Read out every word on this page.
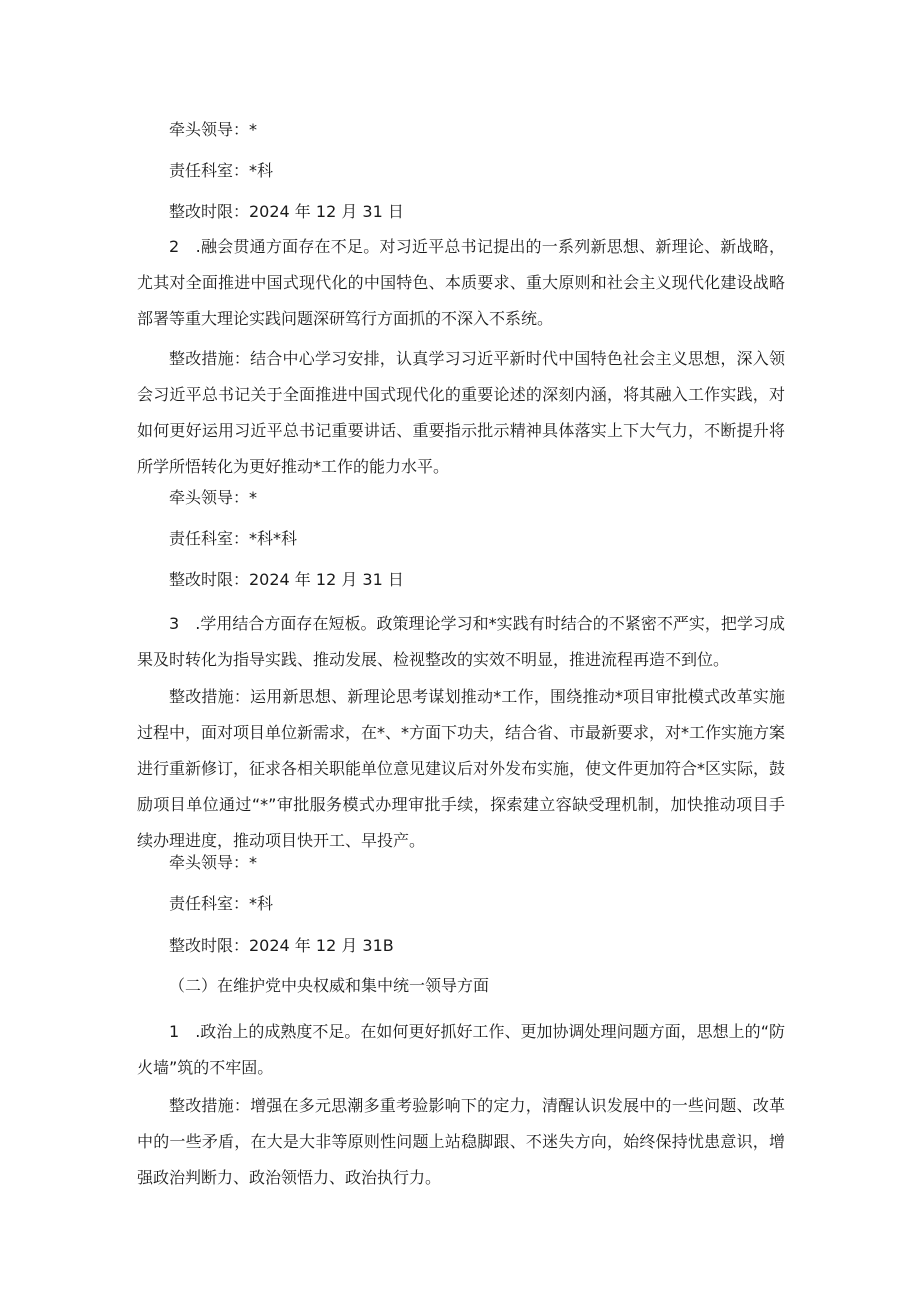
牵头领导：*

责任科室：*科

整改时限：2024 年 12 月 31 日

2　.融会贯通方面存在不足。对习近平总书记提出的一系列新思想、新理论、新战略，尤其对全面推进中国式现代化的中国特色、本质要求、重大原则和社会主义现代化建设战略部署等重大理论实践问题深研笃行方面抓的不深入不系统。

整改措施：结合中心学习安排，认真学习习近平新时代中国特色社会主义思想，深入领会习近平总书记关于全面推进中国式现代化的重要论述的深刻内涵，将其融入工作实践，对如何更好运用习近平总书记重要讲话、重要指示批示精神具体落实上下大气力，不断提升将所学所悟转化为更好推动*工作的能力水平。

牵头领导：*

责任科室：*科*科

整改时限：2024 年 12 月 31 日

3　.学用结合方面存在短板。政策理论学习和*实践有时结合的不紧密不严实，把学习成果及时转化为指导实践、推动发展、检视整改的实效不明显，推进流程再造不到位。

整改措施：运用新思想、新理论思考谋划推动*工作，围绕推动*项目审批模式改革实施过程中，面对项目单位新需求，在*、*方面下功夫，结合省、市最新要求，对*工作实施方案进行重新修订，征求各相关职能单位意见建议后对外发布实施，使文件更加符合*区实际，鼓励项目单位通过“*”审批服务模式办理审批手续，探索建立容缺受理机制，加快推动项目手续办理进度，推动项目快开工、早投产。

牵头领导：*

责任科室：*科

整改时限：2024 年 12 月 31B

（二）在维护党中央权威和集中统一领导方面

1　.政治上的成熟度不足。在如何更好抓好工作、更加协调处理问题方面，思想上的“防火墙”筑的不牢固。

整改措施：增强在多元思潮多重考验影响下的定力，清醒认识发展中的一些问题、改革中的一些矛盾，在大是大非等原则性问题上站稳脚跟、不迷失方向，始终保持忧患意识，增强政治判断力、政治领悟力、政治执行力。
